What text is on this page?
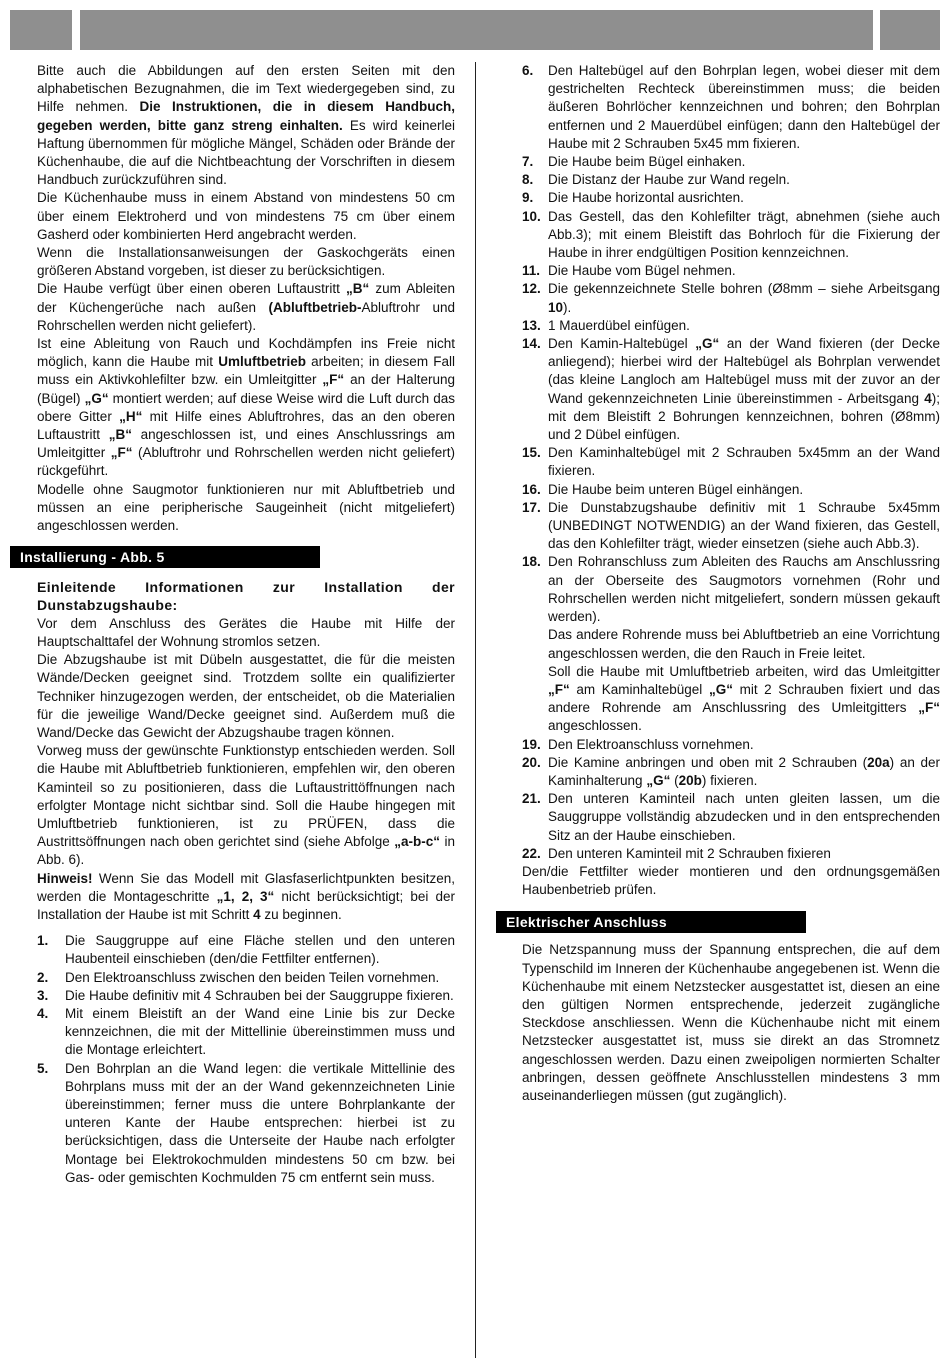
Bitte auch die Abbildungen auf den ersten Seiten mit den alphabetischen Bezugnahmen, die im Text wiedergegeben sind, zu Hilfe nehmen. Die Instruktionen, die in diesem Handbuch, gegeben werden, bitte ganz streng einhalten. Es wird keinerlei Haftung übernommen für mögliche Mängel, Schäden oder Brände der Küchenhaube, die auf die Nichtbeachtung der Vorschriften in diesem Handbuch zurückzuführen sind.

Die Küchenhaube muss in einem Abstand von mindestens 50 cm über einem Elektroherd und von mindestens 75 cm über einem Gasherd oder kombinierten Herd angebracht werden.

Wenn die Installationsanweisungen der Gaskochgeräts einen größeren Abstand vorgeben, ist dieser zu berücksichtigen.

Die Haube verfügt über einen oberen Luftaustritt „B“ zum Ableiten der Küchengerüche nach außen (Abluftbetrieb-Abluftrohr und Rohrschellen werden nicht geliefert).

Ist eine Ableitung von Rauch und Kochdämpfen ins Freie nicht möglich, kann die Haube mit Umluftbetrieb arbeiten; in diesem Fall muss ein Aktivkohlefilter bzw. ein Umleitgitter „F“ an der Halterung (Bügel) „G“ montiert werden; auf diese Weise wird die Luft durch das obere Gitter „H“ mit Hilfe eines Abluftrohres, das an den oberen Luftaustritt „B“ angeschlossen ist, und eines Anschlussrings am Umleitgitter „F“ (Abluftrohr und Rohrschellen werden nicht geliefert) rückgeführt.

Modelle ohne Saugmotor funktionieren nur mit Abluftbetrieb und müssen an eine peripherische Saugeinheit (nicht mitgeliefert) angeschlossen werden.

Installierung - Abb. 5

Einleitende Informationen zur Installation der Dunstabzugshaube:

Vor dem Anschluss des Gerätes die Haube mit Hilfe der Hauptschalttafel der Wohnung stromlos setzen.

Die Abzugshaube ist mit Dübeln ausgestattet, die für die meisten Wände/Decken geeignet sind. Trotzdem sollte ein qualifizierter Techniker hinzugezogen werden, der entscheidet, ob die Materialien für die jeweilige Wand/Decke geeignet sind. Außerdem muß die Wand/Decke das Gewicht der Abzugshaube tragen können.

Vorweg muss der gewünschte Funktionstyp entschieden werden. Soll die Haube mit Abluftbetrieb funktionieren, empfehlen wir, den oberen Kaminteil so zu positionieren, dass die Luftaustrittöffnungen nach erfolgter Montage nicht sichtbar sind. Soll die Haube hingegen mit Umluftbetrieb funktionieren, ist zu PRÜFEN, dass die Austrittsöffnungen nach oben gerichtet sind (siehe Abfolge „a-b-c“ in Abb. 6).

Hinweis! Wenn Sie das Modell mit Glasfaserlichtpunkten besitzen, werden die Montageschritte „1, 2, 3“ nicht berücksichtigt; bei der Installation der Haube ist mit Schritt 4 zu beginnen.

1.	Die Sauggruppe auf eine Fläche stellen und den unteren Haubenteil einschieben (den/die Fettfilter entfernen).
2.	Den Elektroanschluss zwischen den beiden Teilen vornehmen.
3.	Die Haube definitiv mit 4 Schrauben bei der Sauggruppe fixieren.
4.	Mit einem Bleistift an der Wand eine Linie bis zur Decke kennzeichnen, die mit der Mittellinie übereinstimmen muss und die Montage erleichtert.
5.	Den Bohrplan an die Wand legen: die vertikale Mittellinie des Bohrplans muss mit der an der Wand gekennzeichneten Linie übereinstimmen; ferner muss die untere Bohrplankante der unteren Kante der Haube entsprechen: hierbei ist zu berücksichtigen, dass die Unterseite der Haube nach erfolgter Montage bei Elektrokochmulden mindestens 50 cm bzw. bei Gas- oder gemischten Kochmulden 75 cm entfernt sein muss.
6.	Den Haltebügel auf den Bohrplan legen, wobei dieser mit dem gestrichelten Rechteck übereinstimmen muss; die beiden äußeren Bohrlöcher kennzeichnen und bohren; den Bohrplan entfernen und 2 Mauerdübel einfügen; dann den Haltebügel der Haube mit 2 Schrauben 5x45 mm fixieren.
7.	Die Haube beim Bügel einhaken.
8.	Die Distanz der Haube zur Wand regeln.
9.	Die Haube horizontal ausrichten.
10. Das Gestell, das den Kohlefilter trägt, abnehmen (siehe auch Abb.3); mit einem Bleistift das Bohrloch für die Fixierung der Haube in ihrer endgültigen Position kennzeichnen.
11. Die Haube vom Bügel nehmen.
12. Die gekennzeichnete Stelle bohren (Ø8mm – siehe Arbeitsgang 10).
13. 1 Mauerdübel einfügen.
14. Den Kamin-Haltebügel „G“ an der Wand fixieren (der Decke anliegend); hierbei wird der Haltebügel als Bohrplan verwendet (das kleine Langloch am Haltebügel muss mit der zuvor an der Wand gekennzeichneten Linie übereinstimmen - Arbeitsgang 4); mit dem Bleistift 2 Bohrungen kennzeichnen, bohren (Ø8mm) und 2 Dübel einfügen.
15. Den Kaminhaltebügel mit 2 Schrauben 5x45mm an der Wand fixieren.
16. Die Haube beim unteren Bügel einhängen.
17. Die Dunstabzugshaube definitiv mit 1 Schraube 5x45mm (UNBEDINGT NOTWENDIG) an der Wand fixieren, das Gestell, das den Kohlefilter trägt, wieder einsetzen (siehe auch Abb.3).
18. Den Rohranschluss zum Ableiten des Rauchs am Anschlussring an der Oberseite des Saugmotors vornehmen (Rohr und Rohrschellen werden nicht mitgeliefert, sondern müssen gekauft werden).
Das andere Rohrende muss bei Abluftbetrieb an eine Vorrichtung angeschlossen werden, die den Rauch in Freie leitet.
Soll die Haube mit Umluftbetrieb arbeiten, wird das Umleitgitter „F“ am Kaminhaltebügel „G“ mit 2 Schrauben fixiert und das andere Rohrende am Anschlussring des Umleitgitters „F“ angeschlossen.
19. Den Elektroanschluss vornehmen.
20. Die Kamine anbringen und oben mit 2 Schrauben (20a) an der Kaminhalterung „G“ (20b) fixieren.
21. Den unteren Kaminteil nach unten gleiten lassen, um die Sauggruppe vollständig abzudecken und in den entsprechenden Sitz an der Haube einschieben.
22. Den unteren Kaminteil mit 2 Schrauben fixieren

Den/die Fettfilter wieder montieren und den ordnungsgemäßen Haubenbetrieb prüfen.

Elektrischer Anschluss

Die Netzspannung muss der Spannung entsprechen, die auf dem Typenschild im Inneren der Küchenhaube angegebenen ist. Wenn die Küchenhaube mit einem Netzstecker ausgestattet ist, diesen an eine den gültigen Normen entsprechende, jederzeit zugängliche Steckdose anschliessen. Wenn die Küchenhaube nicht mit einem Netzstecker ausgestattet ist, muss sie direkt an das Stromnetz angeschlossen werden. Dazu einen zweipoligen normierten Schalter anbringen, dessen geöffnete Anschlusstellen mindestens 3 mm auseinanderliegen müssen (gut zugänglich).
